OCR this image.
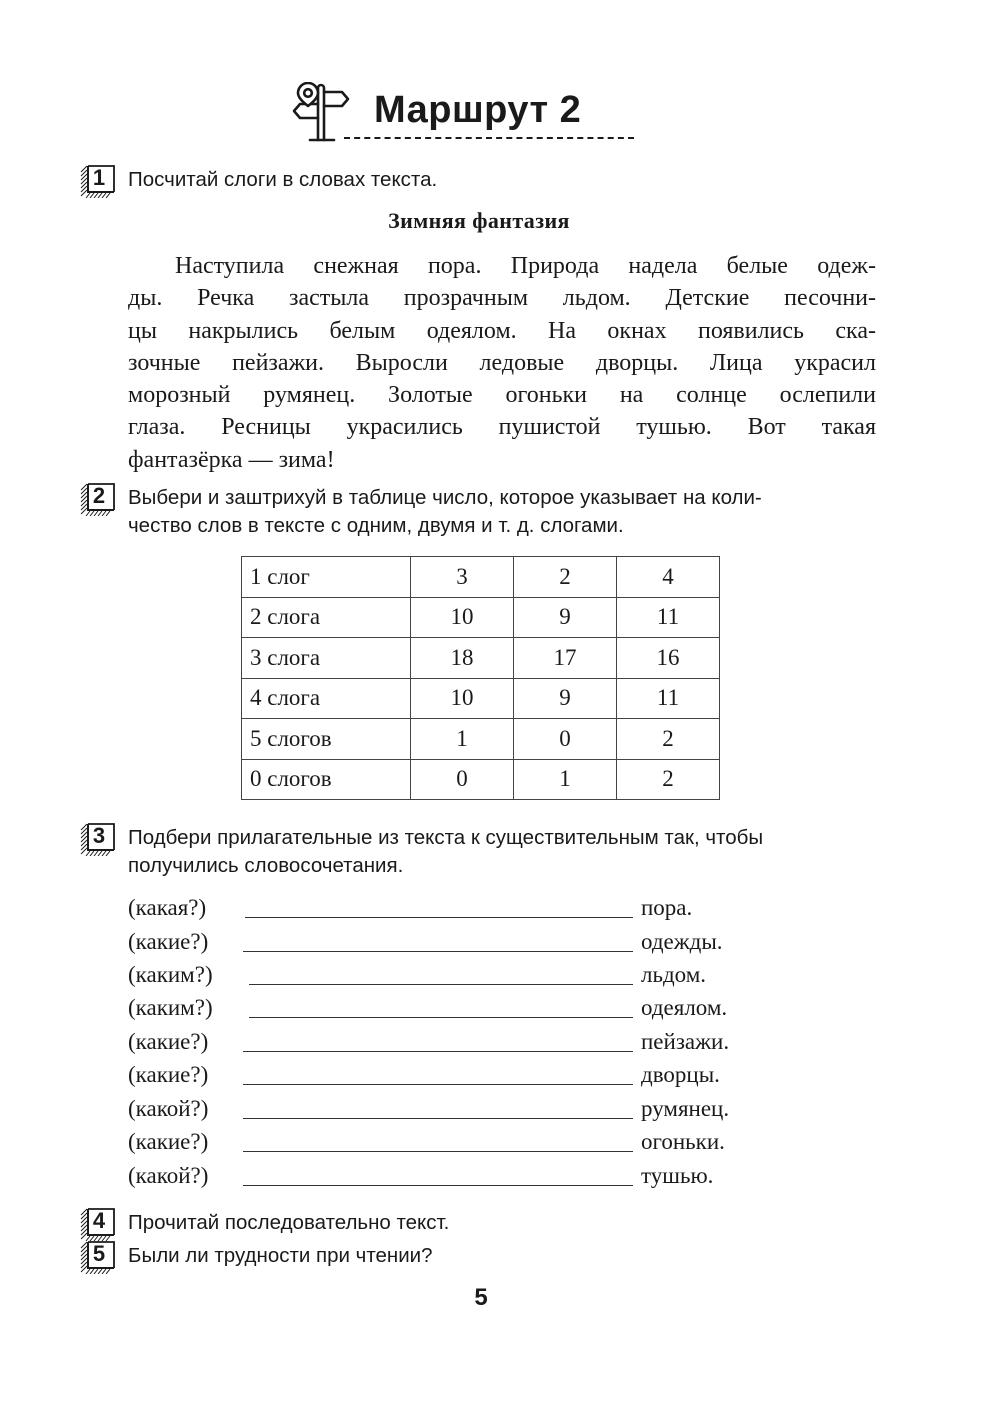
Маршрут 2
1 Посчитай слоги в словах текста.
Зимняя фантазия
Наступила снежная пора. Природа надела белые одеж-
ды. Речка застыла прозрачным льдом. Детские песочни-
цы накрылись белым одеялом. На окнах появились ска-
зочные пейзажи. Выросли ледовые дворцы. Лица украсил
морозный румянец. Золотые огоньки на солнце ослепили
глаза. Ресницы украсились пушистой тушью. Вот такая
фантазёрка — зима!
2 Выбери и заштрихуй в таблице число, которое указывает на коли-
чество слов в тексте с одним, двумя и т. д. слогами.
1 слог	3	2	4
2 слога	10	9	11
3 слога	18	17	16
4 слога	10	9	11
5 слогов	1	0	2
0 слогов	0	1	2
3 Подбери прилагательные из текста к существительным так, чтобы
получились словосочетания.
(какая?)	пора.
(какие?)	одежды.
(каким?)	льдом.
(каким?)	одеялом.
(какие?)	пейзажи.
(какие?)	дворцы.
(какой?)	румянец.
(какие?)	огоньки.
(какой?)	тушью.
4 Прочитай последовательно текст.
5 Были ли трудности при чтении?
5
